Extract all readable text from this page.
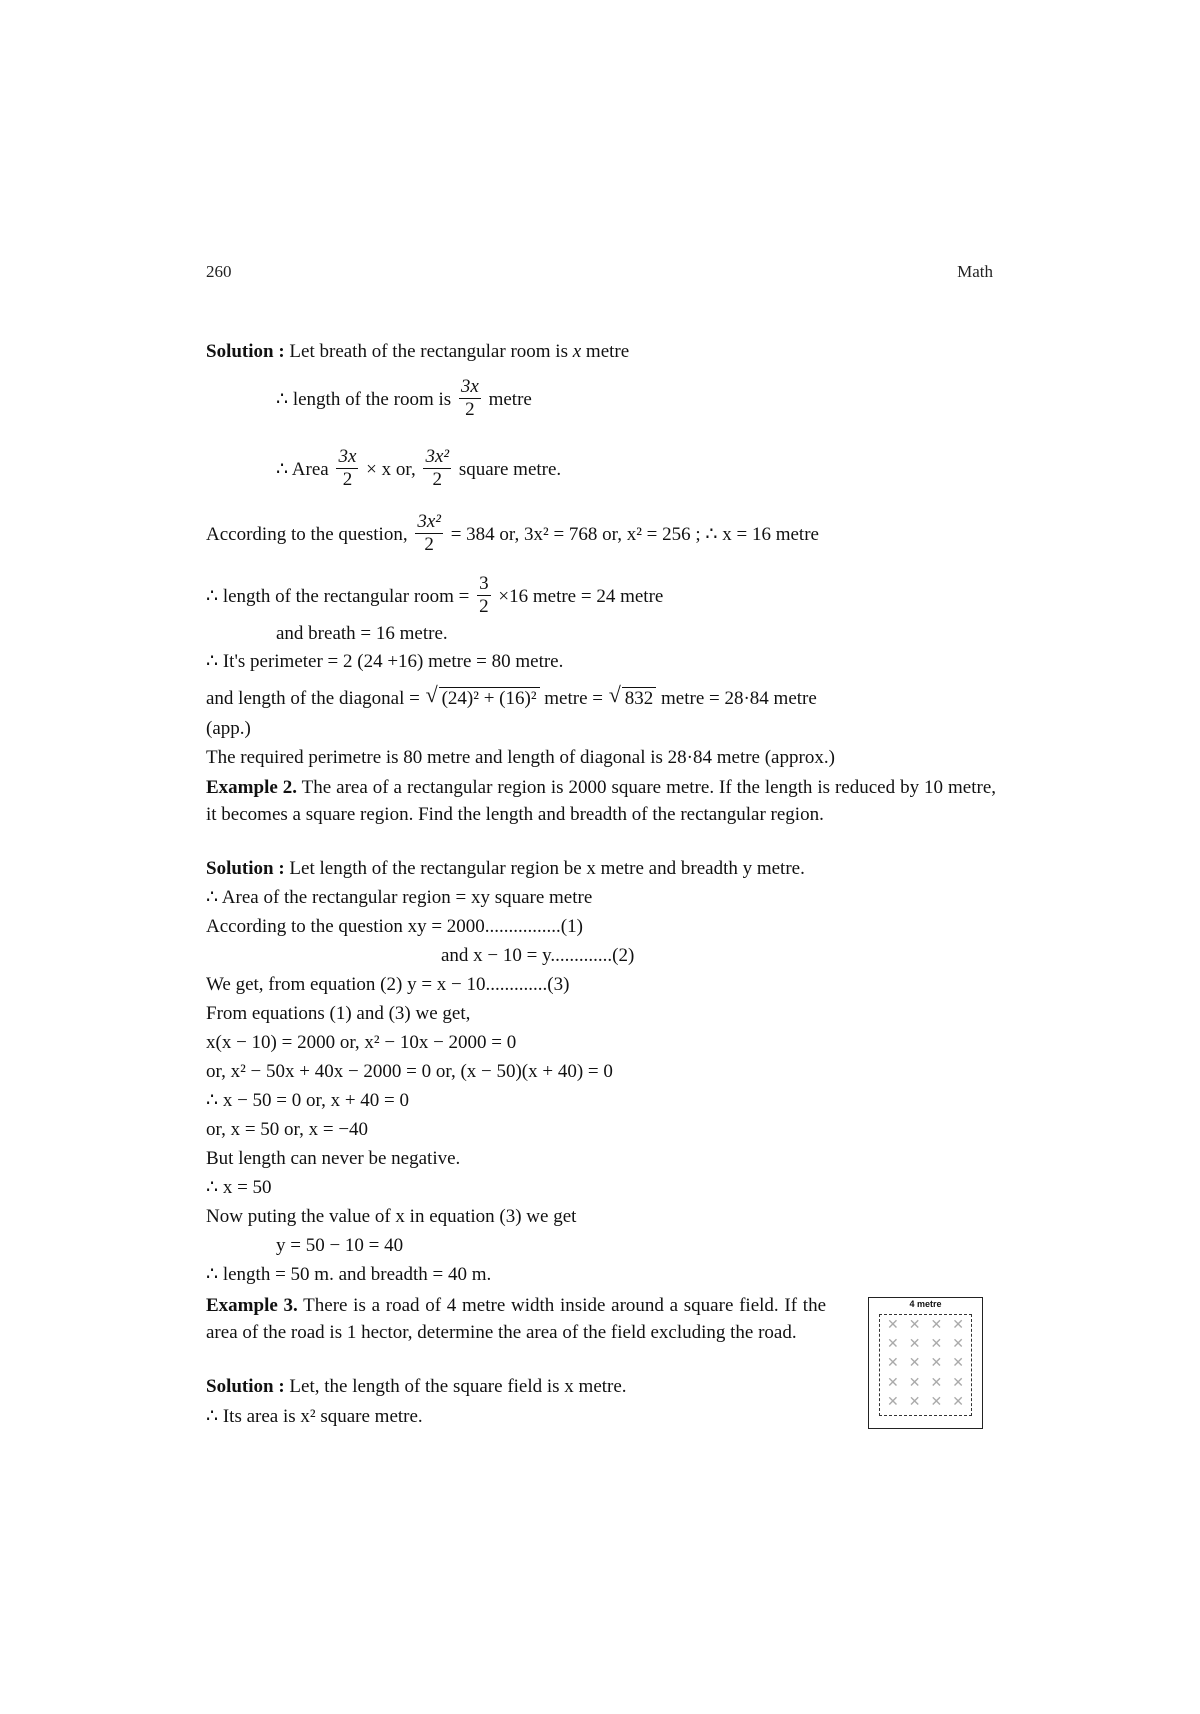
260	Math
Solution : Let breath of the rectangular room is x metre
∴ length of the room is $\frac{3x}{2}$ metre
∴ Area $\frac{3x}{2} \times x$ or, $\frac{\text{3x²}}{2}$ square metre.
According to the question, $\frac{\text{3x²}}{2} = 384$ or, 3x² = 768 or, x² = 256 ; ∴ x = 16 metre
∴ length of the rectangular room = $\frac{3}{2} \times 16$ metre = 24 metre
and breath = 16 metre.
∴ It's perimeter = 2 (24 +16) metre = 80 metre.
and length of the diagonal = √ (24)² + (16)² metre = √ 832 metre = 28·84 metre
(app.)
The required perimetre is 80 metre and length of diagonal is 28·84 metre (approx.)
Example 2. The area of a rectangular region is 2000 square metre. If the length is reduced by 10 metre, it becomes a square region. Find the length and breadth of the rectangular region.
Solution : Let length of the rectangular region be x metre and breadth y metre.
∴ Area of the rectangular region = xy square metre
According to the question xy = 2000................(1)
and x − 10 = y.............(2)
We get, from equation (2) y = x − 10.............(3)
From equations (1) and (3) we get,
x(x − 10) = 2000 or, x² − 10x − 2000 = 0
or, x² − 50x + 40x − 2000 = 0 or, (x − 50)(x + 40) = 0
∴ x − 50 = 0 or, x + 40 = 0
or, x = 50 or, x = −40
But length can never be negative.
∴ x = 50
Now puting the value of x in equation (3) we get
y = 50 − 10 = 40
∴ length = 50 m. and breadth = 40 m.
Example 3. There is a road of 4 metre width inside around a square field. If the area of the road is 1 hector, determine the area of the field excluding the road.
Solution : Let, the length of the square field is x metre.
∴ Its area is x² square metre.
4 metre
✕ ✕ ✕ ✕
✕ ✕ ✕ ✕
✕ ✕ ✕ ✕
✕ ✕ ✕ ✕
✕ ✕ ✕ ✕
